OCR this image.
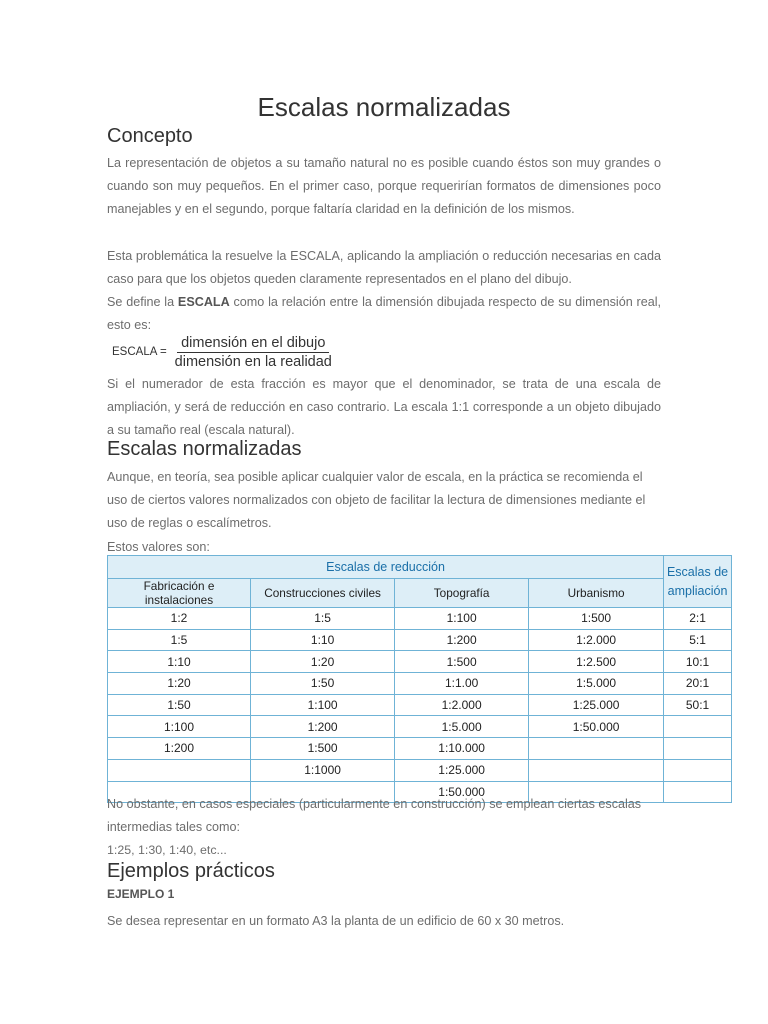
Escalas normalizadas
Concepto

La representación de objetos a su tamaño natural no es posible cuando éstos son muy grandes o cuando son muy pequeños. En el primer caso, porque requerirían formatos de dimensiones poco manejables y en el segundo, porque faltaría claridad en la definición de los mismos.

Esta problemática la resuelve la ESCALA, aplicando la ampliación o reducción necesarias en cada caso para que los objetos queden claramente representados en el plano del dibujo.

Se define la ESCALA como la relación entre la dimensión dibujada respecto de su dimensión real, esto es:

ESCALA = $\frac{\text{dimensión en el dibujo}}{\text{dimensión en la realidad}}$

Si el numerador de esta fracción es mayor que el denominador, se trata de una escala de ampliación, y será de reducción en caso contrario. La escala 1:1 corresponde a un objeto dibujado a su tamaño real (escala natural).

Escalas normalizadas

Aunque, en teoría, sea posible aplicar cualquier valor de escala, en la práctica se recomienda el uso de ciertos valores normalizados con objeto de facilitar la lectura de dimensiones mediante el uso de reglas o escalímetros.

Estos valores son:

Escalas de reducción				Escalas de ampliación
Fabricación e instalaciones	Construcciones civiles	Topografía	Urbanismo	
1:2	1:5	1:100	1:500	2:1
1:5	1:10	1:200	1:2.000	5:1
1:10	1:20	1:500	1:2.500	10:1
1:20	1:50	1:1.00	1:5.000	20:1
1:50	1:100	1:2.000	1:25.000	50:1
1:100	1:200	1:5.000	1:50.000	
1:200	1:500	1:10.000		
	1:1000	1:25.000		
		1:50.000		

No obstante, en casos especiales (particularmente en construcción) se emplean ciertas escalas intermedias tales como:

1:25, 1:30, 1:40, etc...

Ejemplos prácticos
EJEMPLO 1

Se desea representar en un formato A3 la planta de un edificio de 60 x 30 metros.
